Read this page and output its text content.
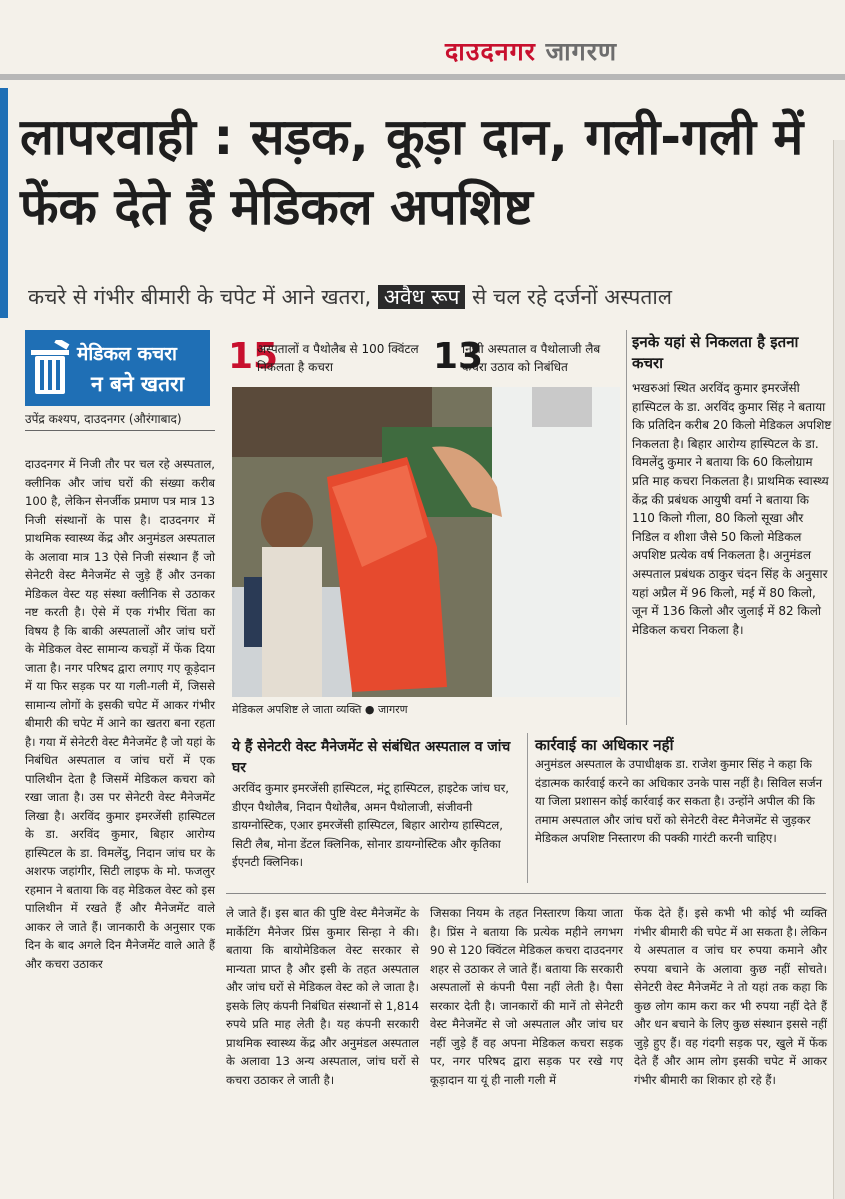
दाउदनगर जागरण
लापरवाही : सड़क, कूड़ा दान, गली-गली में फेंक देते हैं मेडिकल अपशिष्ट
कचरे से गंभीर बीमारी के चपेट में आने खतरा, अवैध रूप से चल रहे दर्जनों अस्पताल
मेडिकल कचरा
न बने खतरा
उपेंद्र कश्यप, दाउदनगर (औरंगाबाद)
दाउदनगर में निजी तौर पर चल रहे अस्पताल, क्लीनिक और जांच घरों की संख्या करीब 100 है, लेकिन सेनर्जीक प्रमाण पत्र मात्र 13 निजी संस्थानों के पास है। दाउदनगर में प्राथमिक स्वास्थ्य केंद्र और अनुमंडल अस्पताल के अलावा मात्र 13 ऐसे निजी संस्थान हैं जो सेनेटरी वेस्ट मैनेजमेंट से जुड़े हैं और उनका मेडिकल वेस्ट यह संस्था क्लीनिक से उठाकर नष्ट करती है। ऐसे में एक गंभीर चिंता का विषय है कि बाकी अस्पतालों और जांच घरों के मेडिकल वेस्ट सामान्य कचड़ों में फेंक दिया जाता है। नगर परिषद द्वारा लगाए गए कूड़ेदान में या फिर सड़क पर या गली-गली में, जिससे सामान्य लोगों के इसकी चपेट में आकर गंभीर बीमारी की चपेट में आने का खतरा बना रहता है। गया में सेनेटरी वेस्ट मैनेजमेंट है जो यहां के निबंधित अस्पताल व जांच घरों में एक पालिथीन देता है जिसमें मेडिकल कचरा को रखा जाता है। उस पर सेनेटरी वेस्ट मैनेजमेंट लिखा है। अरविंद कुमार इमरजेंसी हास्पिटल के डा. अरविंद कुमार, बिहार आरोग्य हास्पिटल के डा. विमलेंदु, निदान जांच घर के अशरफ जहांगीर, सिटी लाइफ के मो. फजलुर रहमान ने बताया कि वह मेडिकल वेस्ट को इस पालिथीन में रखते हैं और मैनेजमेंट वाले आकर ले जाते हैं। जानकारी के अनुसार एक दिन के बाद अगले दिन मैनेजमेंट वाले आते हैं और कचरा उठाकर
15
अस्पतालों व पैथोलैब से 100 क्विंटल निकलता है कचरा	13
निजी अस्पताल व पैथोलाजी लैब कचरा उठाव को निबंधित
मेडिकल अपशिष्ट ले जाता व्यक्ति ● जागरण
इनके यहां से निकलता है इतना कचरा
भखरुआं स्थित अरविंद कुमार इमरजेंसी हास्पिटल के डा. अरविंद कुमार सिंह ने बताया कि प्रतिदिन करीब 20 किलो मेडिकल अपशिष्ट निकलता है। बिहार आरोग्य हास्पिटल के डा. विमलेंदु कुमार ने बताया कि 60 किलोग्राम प्रति माह कचरा निकलता है। प्राथमिक स्वास्थ्य केंद्र की प्रबंधक आयुषी वर्मा ने बताया कि 110 किलो गीला, 80 किलो सूखा और निडिल व शीशा जैसे 50 किलो मेडिकल अपशिष्ट प्रत्येक वर्ष निकलता है। अनुमंडल अस्पताल प्रबंधक ठाकुर चंदन सिंह के अनुसार यहां अप्रैल में 96 किलो, मई में 80 किलो, जून में 136 किलो और जुलाई में 82 किलो मेडिकल कचरा निकला है।
ये हैं सेनेटरी वेस्ट मैनेजमेंट से संबंधित अस्पताल व जांच घर
अरविंद कुमार इमरजेंसी हास्पिटल, मंटू हास्पिटल, हाइटेक जांच घर, डीएन पैथोलैब, निदान पैथोलैब, अमन पैथोलाजी, संजीवनी डायग्नोस्टिक, एआर इमरजेंसी हास्पिटल, बिहार आरोग्य हास्पिटल, सिटी लैब, मोना डेंटल क्लिनिक, सोनार डायग्नोस्टिक और कृतिका ईएनटी क्लिनिक।
कार्रवाई का अधिकार नहीं
अनुमंडल अस्पताल के उपाधीक्षक डा. राजेश कुमार सिंह ने कहा कि दंडात्मक कार्रवाई करने का अधिकार उनके पास नहीं है। सिविल सर्जन या जिला प्रशासन कोई कार्रवाई कर सकता है। उन्होंने अपील की कि तमाम अस्पताल और जांच घरों को सेनेटरी वेस्ट मैनेजमेंट से जुड़कर मेडिकल अपशिष्ट निस्तारण की पक्की गारंटी करनी चाहिए।
ले जाते हैं। इस बात की पुष्टि वेस्ट मैनेजमेंट के मार्केटिंग मैनेजर प्रिंस कुमार सिन्हा ने की। बताया कि बायोमेडिकल वेस्ट सरकार से मान्यता प्राप्त है और इसी के तहत अस्पताल और जांच घरों से मेडिकल वेस्ट को ले जाता है। इसके लिए कंपनी निबंधित संस्थानों से 1,814 रुपये प्रति माह लेती है। यह कंपनी सरकारी प्राथमिक स्वास्थ्य केंद्र और अनुमंडल अस्पताल के अलावा 13 अन्य अस्पताल, जांच घरों से कचरा उठाकर ले जाती है।
जिसका नियम के तहत निस्तारण किया जाता है। प्रिंस ने बताया कि प्रत्येक महीने लगभग 90 से 120 क्विंटल मेडिकल कचरा दाउदनगर शहर से उठाकर ले जाते हैं। बताया कि सरकारी अस्पतालों से कंपनी पैसा नहीं लेती है। पैसा सरकार देती है। जानकारों की मानें तो सेनेटरी वेस्ट मैनेजमेंट से जो अस्पताल और जांच घर नहीं जुड़े हैं वह अपना मेडिकल कचरा सड़क पर, नगर परिषद द्वारा सड़क पर रखे गए कूड़ादान या यूं ही नाली गली में
फेंक देते हैं। इसे कभी भी कोई भी व्यक्ति गंभीर बीमारी की चपेट में आ सकता है। लेकिन ये अस्पताल व जांच घर रुपया कमाने और रुपया बचाने के अलावा कुछ नहीं सोचते। सेनेटरी वेस्ट मैनेजमेंट ने तो यहां तक कहा कि कुछ लोग काम करा कर भी रुपया नहीं देते हैं और धन बचाने के लिए कुछ संस्थान इससे नहीं जुड़े हुए हैं। वह गंदगी सड़क पर, खुले में फेंक देते हैं और आम लोग इसकी चपेट में आकर गंभीर बीमारी का शिकार हो रहे हैं।
